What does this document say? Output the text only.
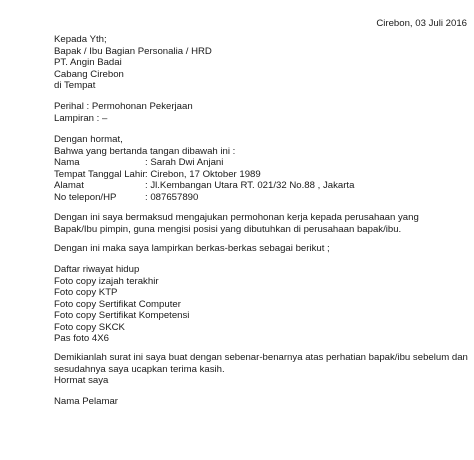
Cirebon, 03 Juli 2016

Kepada Yth;

Bapak / Ibu Bagian Personalia / HRD

PT. Angin Badai

Cabang Cirebon

di Tempat

Perihal : Permohonan Pekerjaan

Lampiran : –

Dengan hormat,

Bahwa yang bertanda tangan dibawah ini :

Nama	: Sarah Dwi Anjani
Tempat Tanggal Lahir : Cirebon, 17 Oktober 1989
Alamat	: Jl.Kembangan Utara RT. 021/32 No.88 , Jakarta
No telepon/HP	: 087657890

Dengan ini saya bermaksud mengajukan permohonan kerja kepada perusahaan yang

Bapak/Ibu pimpin, guna mengisi posisi yang dibutuhkan di perusahaan bapak/ibu.

Dengan ini maka saya lampirkan berkas-berkas sebagai berikut ;

Daftar riwayat hidup

Foto copy izajah terakhir

Foto copy KTP

Foto copy Sertifikat Computer

Foto copy Sertifikat Kompetensi

Foto copy SKCK

Pas foto 4X6

Demikianlah surat ini saya buat dengan sebenar-benarnya atas perhatian bapak/ibu sebelum dan

sesudahnya saya ucapkan terima kasih.

Hormat saya

Nama Pelamar
